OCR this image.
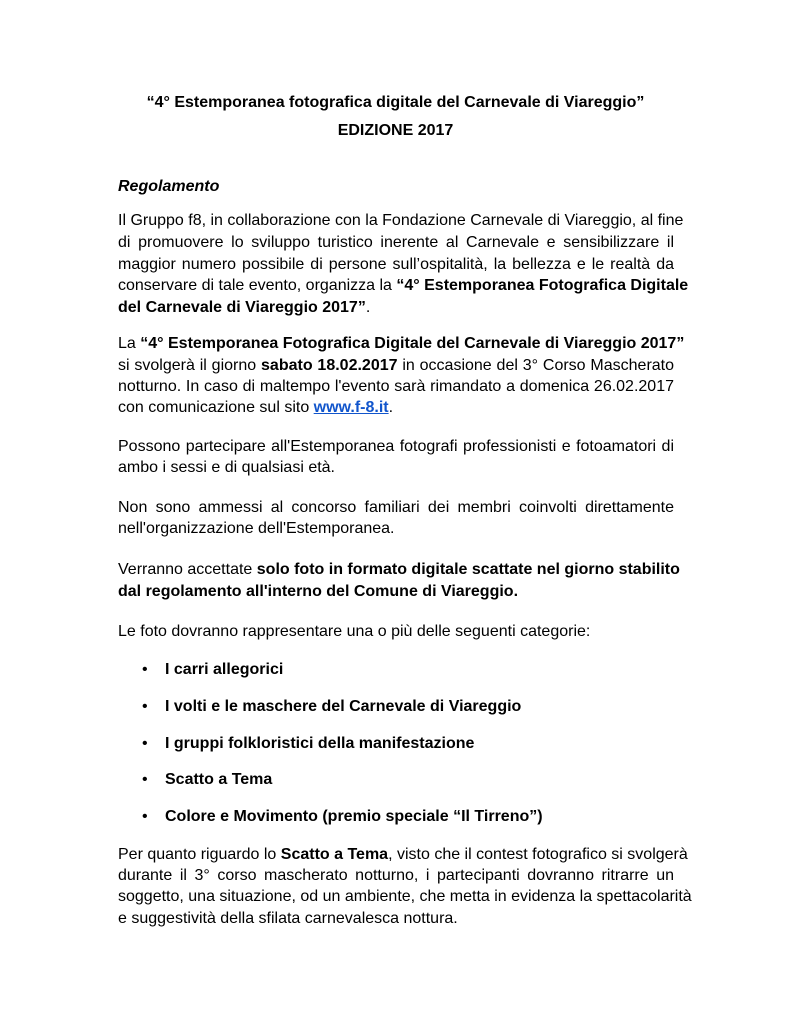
“4° Estemporanea fotografica digitale del Carnevale di Viareggio”
EDIZIONE 2017
Regolamento
Il Gruppo f8, in collaborazione con la Fondazione Carnevale di Viareggio, al fine
di promuovere lo sviluppo turistico inerente al Carnevale e sensibilizzare il
maggior numero possibile di persone sull’ospitalità, la bellezza e le realtà da
conservare di tale evento, organizza la “4° Estemporanea Fotografica Digitale
del Carnevale di Viareggio 2017”.
La “4° Estemporanea Fotografica Digitale del Carnevale di Viareggio 2017”
si svolgerà il giorno sabato 18.02.2017 in occasione del 3° Corso Mascherato
notturno. In caso di maltempo l'evento sarà rimandato a domenica 26.02.2017
con comunicazione sul sito www.f-8.it.
Possono partecipare all'Estemporanea fotografi professionisti e fotoamatori di
ambo i sessi e di qualsiasi età.
Non sono ammessi al concorso familiari dei membri coinvolti direttamente
nell'organizzazione dell'Estemporanea.
Verranno accettate solo foto in formato digitale scattate nel giorno stabilito
dal regolamento all'interno del Comune di Viareggio.
Le foto dovranno rappresentare una o più delle seguenti categorie:
• I carri allegorici
• I volti e le maschere del Carnevale di Viareggio
• I gruppi folkloristici della manifestazione
• Scatto a Tema
• Colore e Movimento (premio speciale “Il Tirreno”)
Per quanto riguardo lo Scatto a Tema, visto che il contest fotografico si svolgerà
durante il 3° corso mascherato notturno, i partecipanti dovranno ritrarre un
soggetto, una situazione, od un ambiente, che metta in evidenza la spettacolarità
e suggestività della sfilata carnevalesca nottura.
